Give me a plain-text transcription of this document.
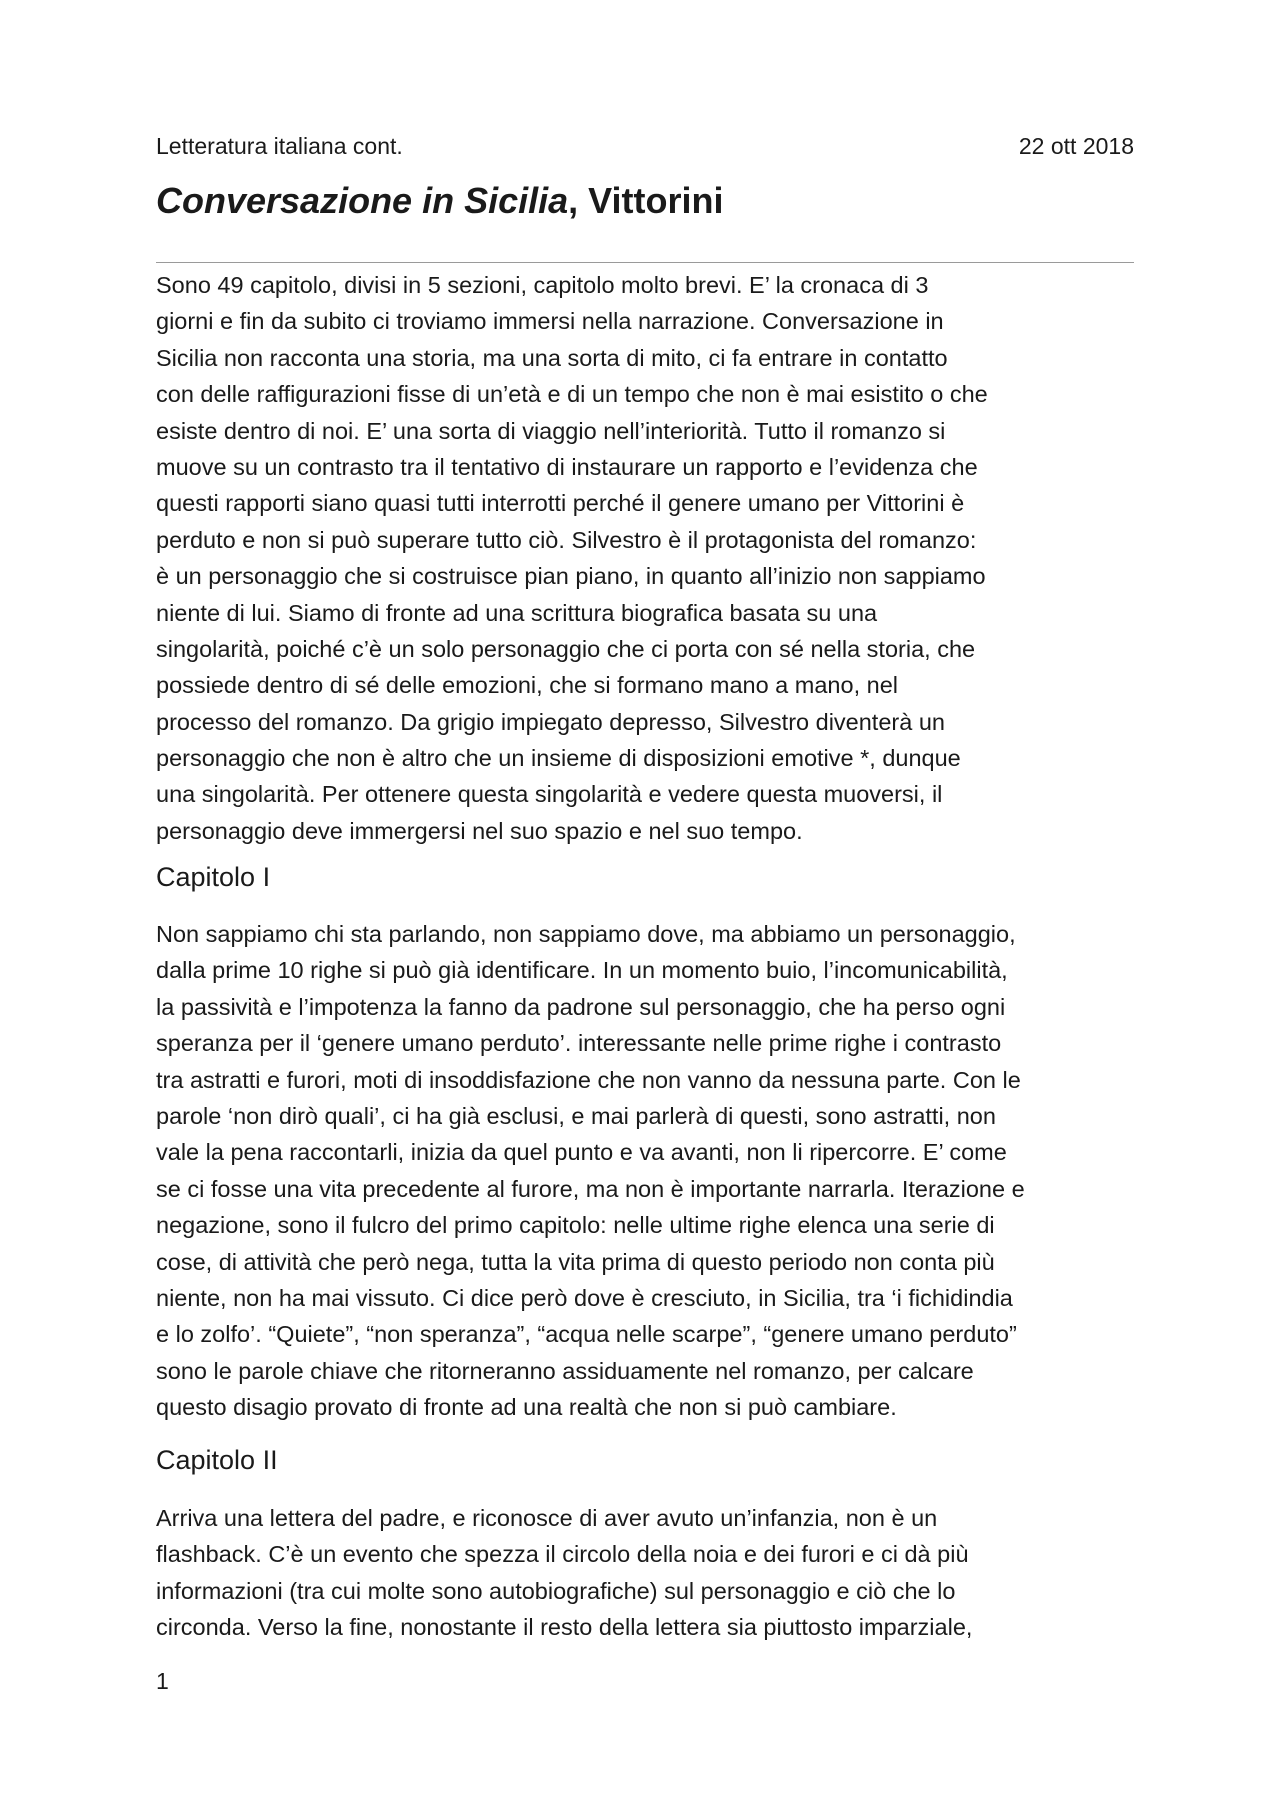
Letteratura italiana cont.	22 ott 2018
Conversazione in Sicilia, Vittorini
Sono 49 capitolo, divisi in 5 sezioni, capitolo molto brevi. E’ la cronaca di 3
giorni e fin da subito ci troviamo immersi nella narrazione. Conversazione in
Sicilia non racconta una storia, ma una sorta di mito, ci fa entrare in contatto
con delle raffigurazioni fisse di un’età e di un tempo che non è mai esistito o che
esiste dentro di noi. E’ una sorta di viaggio nell’interiorità. Tutto il romanzo si
muove su un contrasto tra il tentativo di instaurare un rapporto e l’evidenza che
questi rapporti siano quasi tutti interrotti perché il genere umano per Vittorini è
perduto e non si può superare tutto ciò. Silvestro è il protagonista del romanzo:
è un personaggio che si costruisce pian piano, in quanto all’inizio non sappiamo
niente di lui. Siamo di fronte ad una scrittura biografica basata su una
singolarità, poiché c’è un solo personaggio che ci porta con sé nella storia, che
possiede dentro di sé delle emozioni, che si formano mano a mano, nel
processo del romanzo. Da grigio impiegato depresso, Silvestro diventerà un
personaggio che non è altro che un insieme di disposizioni emotive *, dunque
una singolarità. Per ottenere questa singolarità e vedere questa muoversi, il
personaggio deve immergersi nel suo spazio e nel suo tempo.
Capitolo I
Non sappiamo chi sta parlando, non sappiamo dove, ma abbiamo un personaggio,
dalla prime 10 righe si può già identificare. In un momento buio, l’incomunicabilità,
la passività e l’impotenza la fanno da padrone sul personaggio, che ha perso ogni
speranza per il ‘genere umano perduto’. interessante nelle prime righe i contrasto
tra astratti e furori, moti di insoddisfazione che non vanno da nessuna parte. Con le
parole ‘non dirò quali’, ci ha già esclusi, e mai parlerà di questi, sono astratti, non
vale la pena raccontarli, inizia da quel punto e va avanti, non li ripercorre. E’ come
se ci fosse una vita precedente al furore, ma non è importante narrarla. Iterazione e
negazione, sono il fulcro del primo capitolo: nelle ultime righe elenca una serie di
cose, di attività che però nega, tutta la vita prima di questo periodo non conta più
niente, non ha mai vissuto. Ci dice però dove è cresciuto, in Sicilia, tra ‘i fichidindia
e lo zolfo’. “Quiete”, “non speranza”, “acqua nelle scarpe”, “genere umano perduto”
sono le parole chiave che ritorneranno assiduamente nel romanzo, per calcare
questo disagio provato di fronte ad una realtà che non si può cambiare.
Capitolo II
Arriva una lettera del padre, e riconosce di aver avuto un’infanzia, non è un
flashback. C’è un evento che spezza il circolo della noia e dei furori e ci dà più
informazioni (tra cui molte sono autobiografiche) sul personaggio e ciò che lo
circonda. Verso la fine, nonostante il resto della lettera sia piuttosto imparziale,
1
